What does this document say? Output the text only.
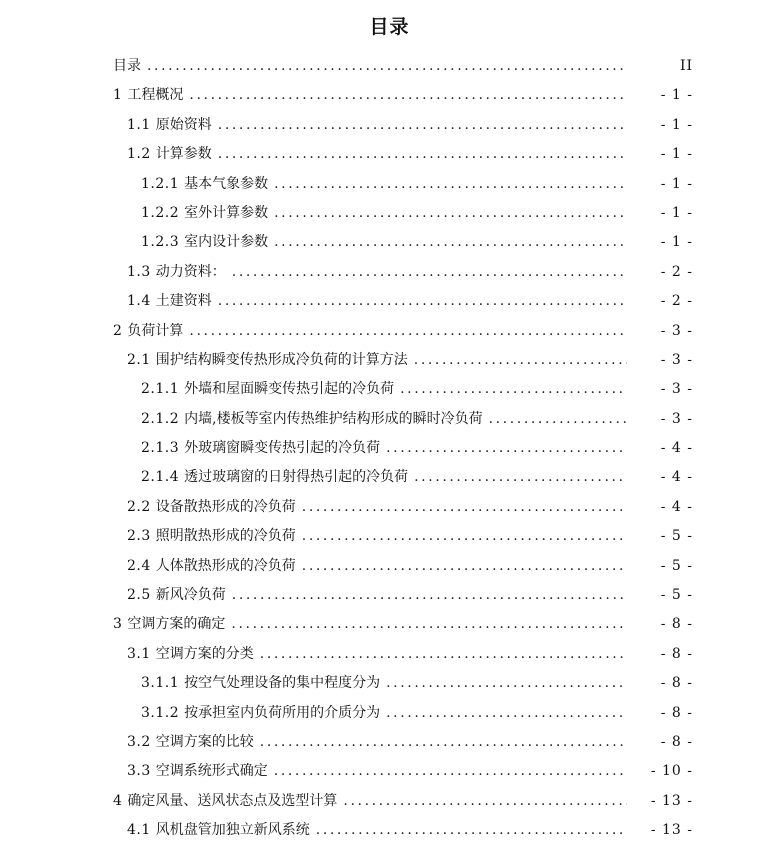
目录
目录 .....	II
1 工程概况 .....	- 1 -
1.1 原始资料 .....	- 1 -
1.2 计算参数 .....	- 1 -
1.2.1 基本气象参数 .....	- 1 -
1.2.2 室外计算参数 .....	- 1 -
1.2.3 室内设计参数 .....	- 1 -
1.3 动力资料： .....	- 2 -
1.4 土建资料 .....	- 2 -
2 负荷计算 .....	- 3 -
2.1 围护结构瞬变传热形成冷负荷的计算方法 .....	- 3 -
2.1.1 外墙和屋面瞬变传热引起的冷负荷 .....	- 3 -
2.1.2 内墙,楼板等室内传热维护结构形成的瞬时冷负荷 .....	- 3 -
2.1.3 外玻璃窗瞬变传热引起的冷负荷 .....	- 4 -
2.1.4 透过玻璃窗的日射得热引起的冷负荷 .....	- 4 -
2.2 设备散热形成的冷负荷 .....	- 4 -
2.3 照明散热形成的冷负荷 .....	- 5 -
2.4 人体散热形成的冷负荷 .....	- 5 -
2.5 新风冷负荷 .....	- 5 -
3 空调方案的确定 .....	- 8 -
3.1 空调方案的分类 .....	- 8 -
3.1.1 按空气处理设备的集中程度分为 .....	- 8 -
3.1.2 按承担室内负荷所用的介质分为 .....	- 8 -
3.2 空调方案的比较 .....	- 8 -
3.3 空调系统形式确定 .....	- 10 -
4 确定风量、送风状态点及选型计算 .....	- 13 -
4.1 风机盘管加独立新风系统 .....	- 13 -
